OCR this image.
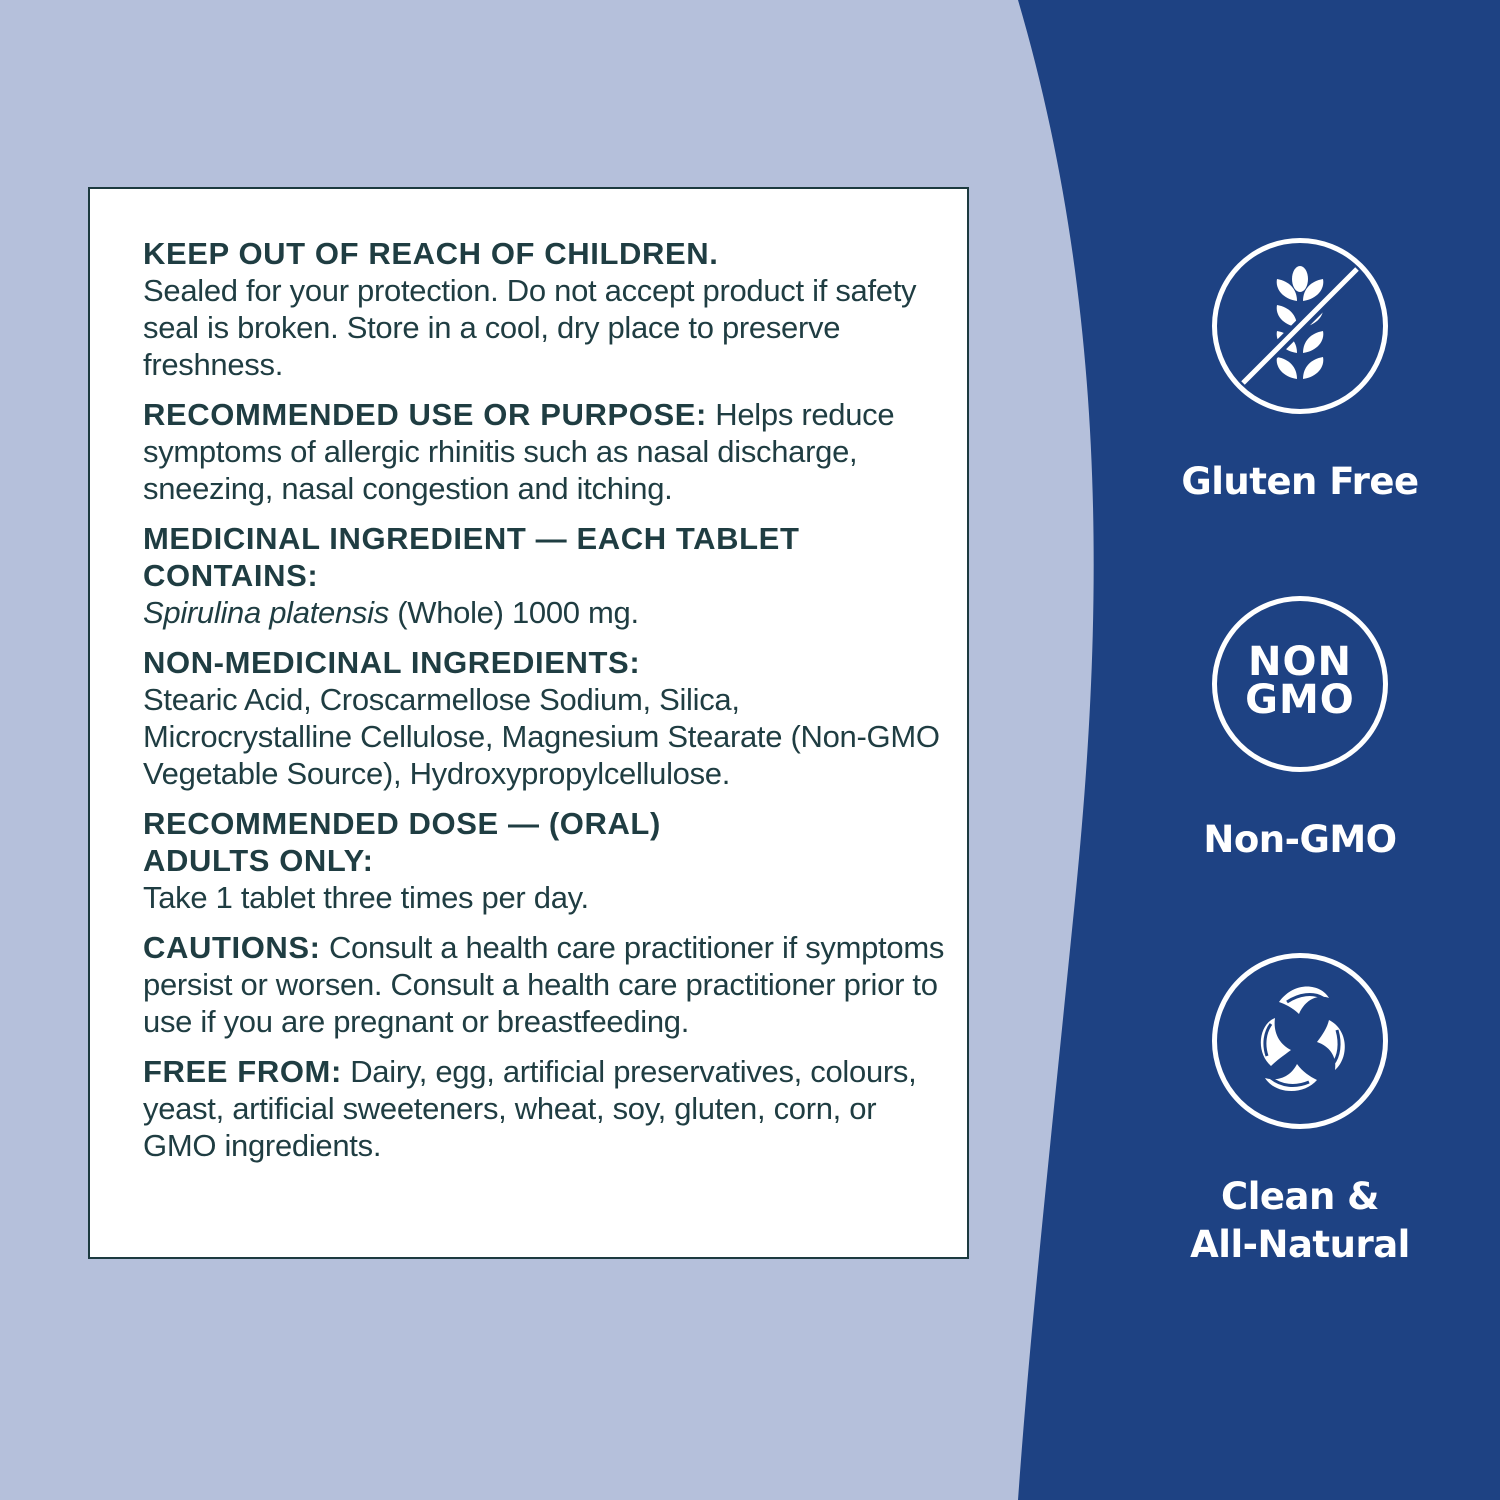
KEEP OUT OF REACH OF CHILDREN.
Sealed for your protection. Do not accept product if safety seal is broken. Store in a cool, dry place to preserve freshness.
RECOMMENDED USE OR PURPOSE: Helps reduce symptoms of allergic rhinitis such as nasal discharge, sneezing, nasal congestion and itching.
MEDICINAL INGREDIENT — EACH TABLET CONTAINS:
Spirulina platensis (Whole) 1000 mg.
NON-MEDICINAL INGREDIENTS:
Stearic Acid, Croscarmellose Sodium, Silica, Microcrystalline Cellulose, Magnesium Stearate (Non-GMO Vegetable Source), Hydroxypropylcellulose.
RECOMMENDED DOSE — (ORAL) ADULTS ONLY:
Take 1 tablet three times per day.
CAUTIONS: Consult a health care practitioner if symptoms persist or worsen. Consult a health care practitioner prior to use if you are pregnant or breastfeeding.
FREE FROM: Dairy, egg, artificial preservatives, colours, yeast, artificial sweeteners, wheat, soy, gluten, corn, or GMO ingredients.
Gluten Free
NON
GMO
Non-GMO
Clean &
All-Natural
